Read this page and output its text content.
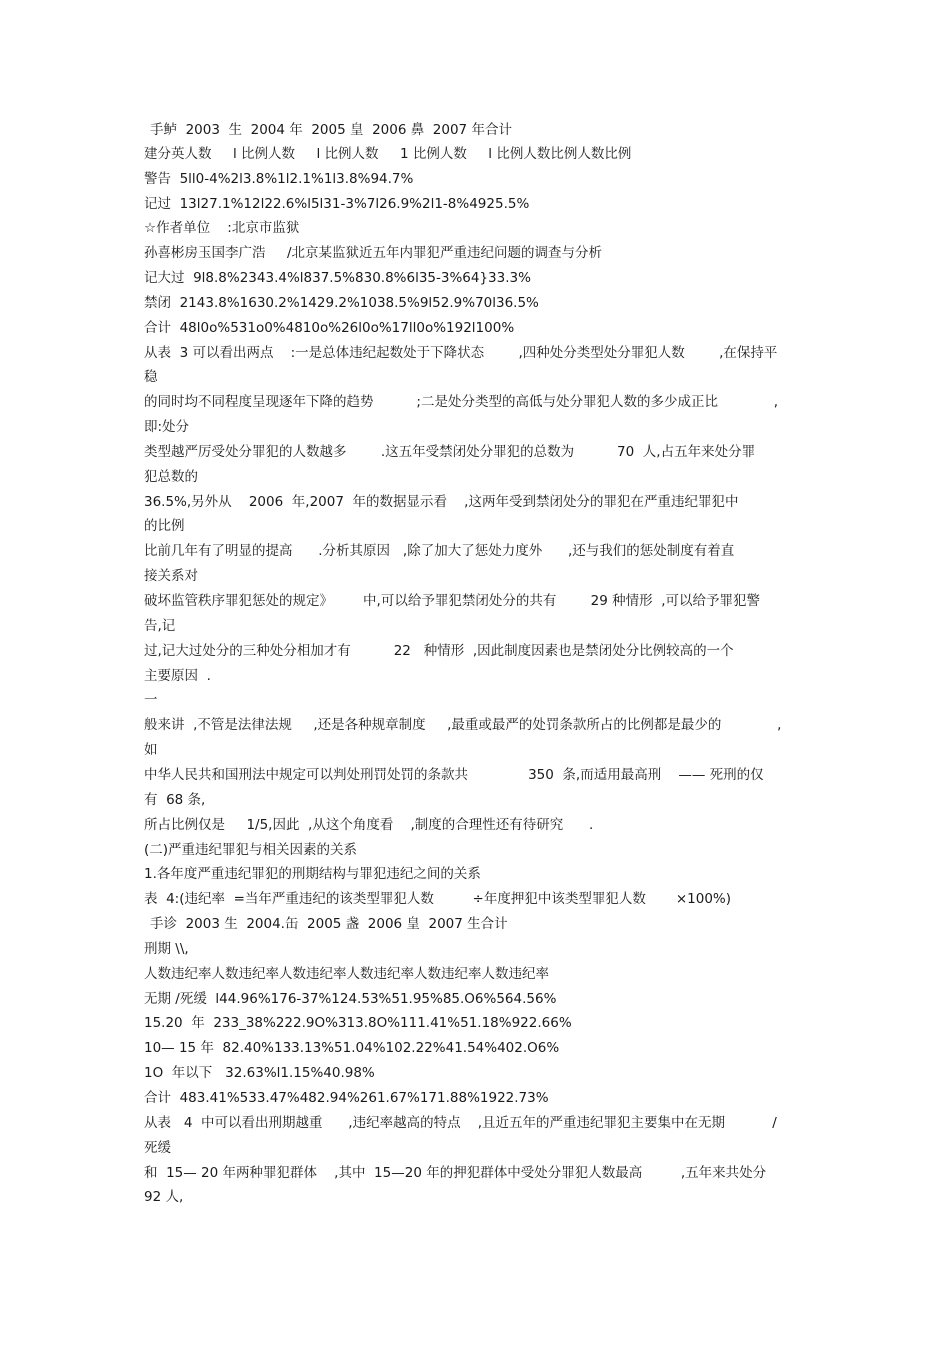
手鲈  2003  生  2004 年  2005 皇  2006 鼻  2007 年合计
建分英人数     l 比例人数     l 比例人数     1 比例人数     l 比例人数比例人数比例
警告  5ll0-4%2l3.8%1l2.1%1l3.8%94.7%
记过  13l27.1%12l22.6%l5l31-3%7l26.9%2l1-8%4925.5%
☆作者单位    :北京市监狱
孙喜彬房玉国李广浩     /北京某监狱近五年内罪犯严重违纪问题的调查与分析
记大过  9l8.8%2343.4%l837.5%830.8%6l35-3%64}33.3%
禁闭  2143.8%1630.2%1429.2%1038.5%9l52.9%70l36.5%
合计  48l0o%531o0%4810o%26l0o%17ll0o%192l100%
从表  3 可以看出两点    :一是总体违纪起数处于下降状态        ,四种处分类型处分罪犯人数        ,在保持平
稳
的同时均不同程度呈现逐年下降的趋势          ;二是处分类型的高低与处分罪犯人数的多少成正比             ,
即:处分
类型越严厉受处分罪犯的人数越多        .这五年受禁闭处分罪犯的总数为          70  人,占五年来处分罪
犯总数的
36.5%,另外从    2006  年,2007  年的数据显示看    ,这两年受到禁闭处分的罪犯在严重违纪罪犯中
的比例
比前几年有了明显的提高      .分析其原因   ,除了加大了惩处力度外      ,还与我们的惩处制度有着直
接关系对
破坏监管秩序罪犯惩处的规定》       中,可以给予罪犯禁闭处分的共有        29 种情形  ,可以给予罪犯警
告,记
过,记大过处分的三种处分相加才有          22   种情形  ,因此制度因素也是禁闭处分比例较高的一个
主要原因  .
一
般来讲  ,不管是法律法规     ,还是各种规章制度     ,最重或最严的处罚条款所占的比例都是最少的             ,
如
中华人民共和国刑法中规定可以判处刑罚处罚的条款共              350  条,而适用最高刑    —— 死刑的仅
有  68 条,
所占比例仅是     1/5,因此  ,从这个角度看    ,制度的合理性还有待研究      .
(二)严重违纪罪犯与相关因素的关系
1.各年度严重违纪罪犯的刑期结构与罪犯违纪之间的关系
表  4:(违纪率  =当年严重违纪的该类型罪犯人数         ÷年度押犯中该类型罪犯人数       ×100%)
手诊  2003 生  2004.缶  2005 盏  2006 皇  2007 生合计
刑期 \\,
人数违纪率人数违纪率人数违纪率人数违纪率人数违纪率人数违纪率
无期 /死缓  l44.96%176-37%124.53%51.95%85.O6%564.56%
15.20  年  233_38%222.9O%313.8O%111.41%51.18%922.66%
10— 15 年  82.40%133.13%51.04%102.22%41.54%402.O6%
1O  年以下   32.63%l1.15%40.98%
合计  483.41%533.47%482.94%261.67%171.88%1922.73%
从表   4  中可以看出刑期越重      ,违纪率越高的特点    ,且近五年的严重违纪罪犯主要集中在无期           /
死缓
和  15— 20 年两种罪犯群体    ,其中  15—20 年的押犯群体中受处分罪犯人数最高         ,五年来共处分
92 人,
